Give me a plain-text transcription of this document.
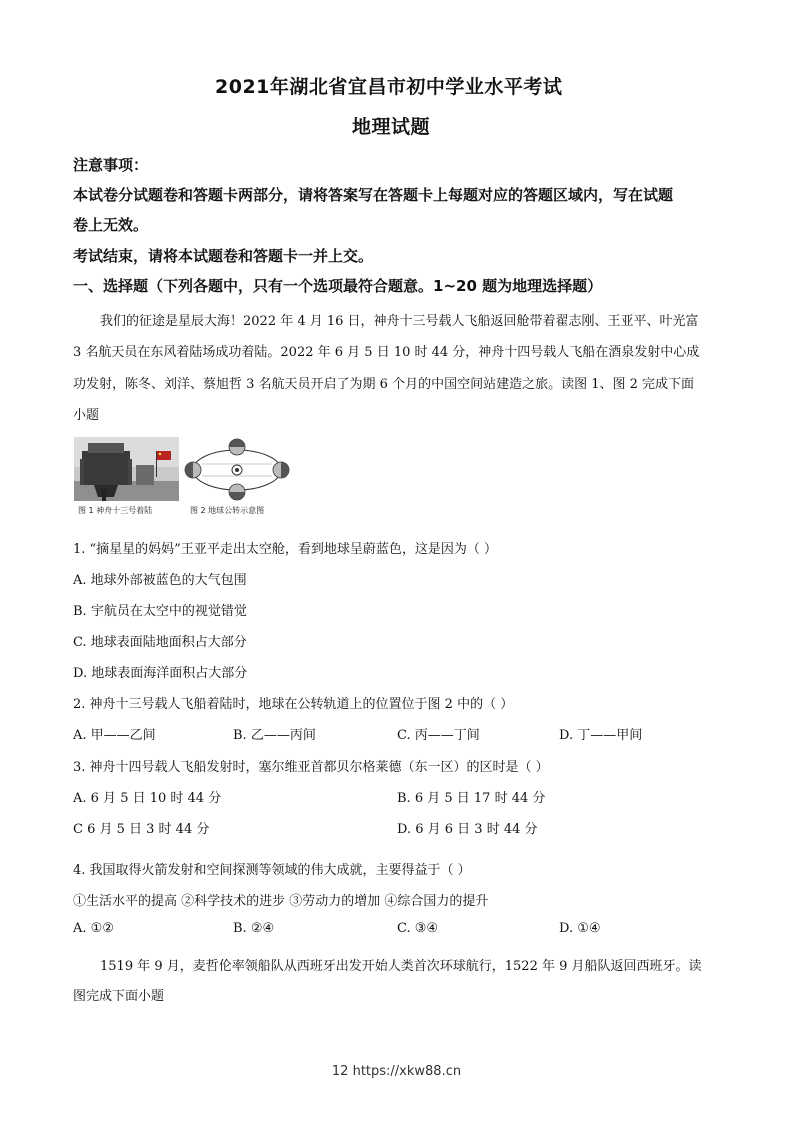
2021年湖北省宜昌市初中学业水平考试
地理试题
注意事项：
本试卷分试题卷和答题卡两部分，请将答案写在答题卡上每题对应的答题区域内，写在试题
卷上无效。
考试结束，请将本试题卷和答题卡一并上交。
一、选择题（下列各题中，只有一个选项最符合题意。1~20 题为地理选择题）
我们的征途是星辰大海！2022 年 4 月 16 日，神舟十三号载人飞船返回舱带着翟志刚、王亚平、叶光富
3 名航天员在东风着陆场成功着陆。2022 年 6 月 5 日 10 时 44 分，神舟十四号载人飞船在酒泉发射中心成
功发射，陈冬、刘洋、蔡旭哲 3 名航天员开启了为期 6 个月的中国空间站建造之旅。读图 1、图 2 完成下面
小题
图 1 神舟十三号着陆	图 2 地球公转示意图
1. “摘星星的妈妈”王亚平走出太空舱，看到地球呈蔚蓝色，这是因为（ ）
A. 地球外部被蓝色的大气包围
B. 宇航员在太空中的视觉错觉
C. 地球表面陆地面积占大部分
D. 地球表面海洋面积占大部分
2. 神舟十三号载人飞船着陆时，地球在公转轨道上的位置位于图 2 中的（ ）
A. 甲——乙间	B. 乙——丙间	C. 丙——丁间	D. 丁——甲间
3. 神舟十四号载人飞船发射时，塞尔维亚首都贝尔格莱德（东一区）的区时是（ ）
A. 6 月 5 日 10 时 44 分	B. 6 月 5 日 17 时 44 分
C 6 月 5 日 3 时 44 分	D. 6 月 6 日 3 时 44 分
4. 我国取得火箭发射和空间探测等领域的伟大成就，主要得益于（ ）
①生活水平的提高 ②科学技术的进步 ③劳动力的增加 ④综合国力的提升
A. ①②	B. ②④	C. ③④	D. ①④
1519 年 9 月，麦哲伦率领船队从西班牙出发开始人类首次环球航行，1522 年 9 月船队返回西班牙。读
图完成下面小题
12 https://xkw88.cn
